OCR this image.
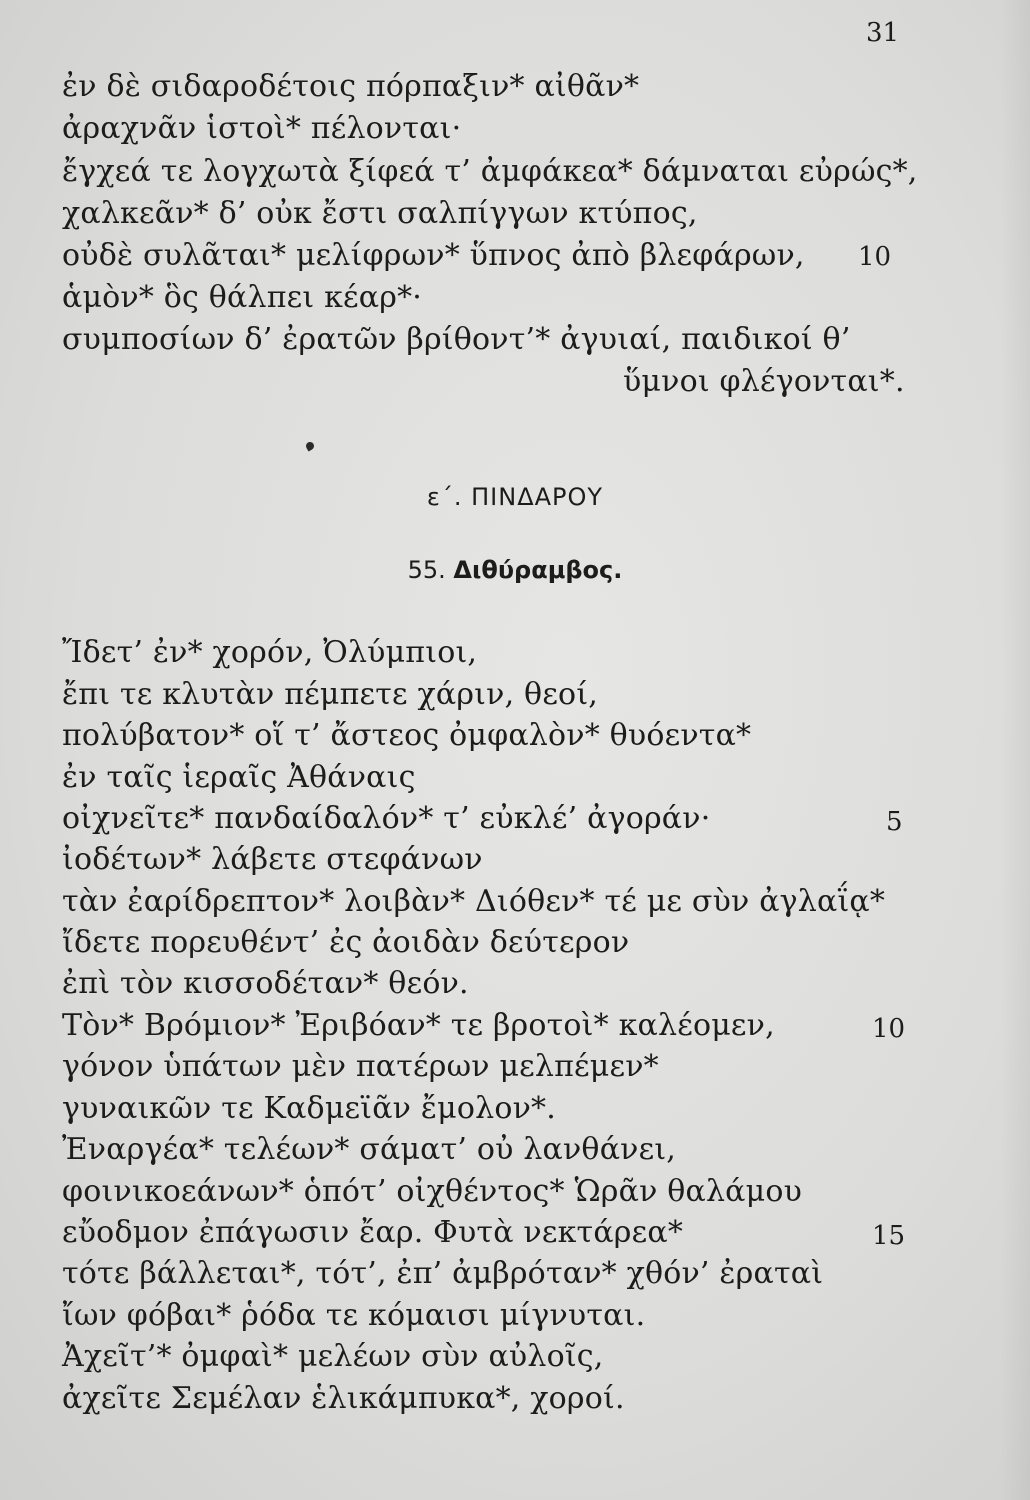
31
ἐν δὲ σιδαροδέτοις πόρπαξιν* αἰθᾶν*
ἀραχνᾶν ἱστοὶ* πέλονται·
ἔγχεά τε λογχωτὰ ξίφεά τ’ ἀμφάκεα* δάμναται εὐρώς*,
χαλκεᾶν* δ’ οὐκ ἔστι σαλπίγγων κτύπος,
οὐδὲ συλᾶται* μελίφρων* ὕπνος ἀπὸ βλεφάρων, 10
ἁμὸν* ὃς θάλπει κέαρ*·
συμποσίων δ’ ἐρατῶν βρίθοντ’* ἀγυιαί, παιδικοί θ’
ὕμνοι φλέγονται*.
ε΄. ΠΙΝΔΑΡΟΥ
55. Διθύραμβος.
Ἴδετ’ ἐν* χορόν, Ὀλύμπιοι,
ἔπι τε κλυτὰν πέμπετε χάριν, θεοί,
πολύβατον* οἵ τ’ ἄστεος ὀμφαλὸν* θυόεντα*
ἐν ταῖς ἱεραῖς Ἀθάναις
οἰχνεῖτε* πανδαίδαλόν* τ’ εὐκλέ’ ἀγοράν·	5
ἰοδέτων* λάβετε στεφάνων
τὰν ἐαρίδρεπτον* λοιβὰν* Διόθεν* τέ με σὺν ἀγλαΐᾳ*
ἴδετε πορευθέντ’ ἐς ἀοιδὰν δεύτερον
ἐπὶ τὸν κισσοδέταν* θεόν.
Τὸν* Βρόμιον* Ἐριβόαν* τε βροτοὶ* καλέομεν,	10
γόνον ὑπάτων μὲν πατέρων μελπέμεν*
γυναικῶν τε Καδμεϊᾶν ἔμολον*.
Ἐναργέα* τελέων* σάματ’ οὐ λανθάνει,
φοινικοεάνων* ὁπότ’ οἰχθέντος* Ὡρᾶν θαλάμου
εὔοδμον ἐπάγωσιν ἔαρ. Φυτὰ νεκτάρεα*	15
τότε βάλλεται*, τότ’, ἐπ’ ἀμβρόταν* χθόν’ ἐραταὶ
ἴων φόβαι* ῥόδα τε κόμαισι μίγνυται.
Ἀχεῖτ’* ὀμφαὶ* μελέων σὺν αὐλοῖς,
ἀχεῖτε Σεμέλαν ἑλικάμπυκα*, χοροί.
